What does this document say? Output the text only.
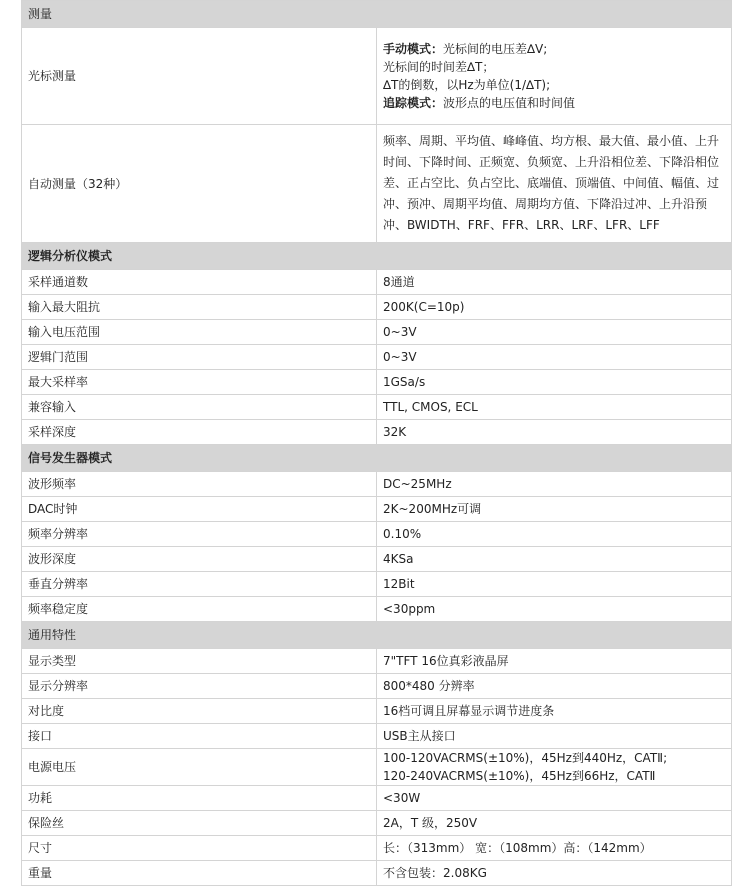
测量	
光标测量	手动模式：光标间的电压差∆V;
光标间的时间差∆T；
∆T的倒数，以Hz为单位(1/∆T);
追踪模式：波形点的电压值和时间值

自动测量（32种）	频率、周期、平均值、峰峰值、均方根、最大值、最小值、上升时间、下降时间、正频宽、负频宽、上升沿相位差、下降沿相位差、正占空比、负占空比、底端值、顶端值、中间值、幅值、过冲、预冲、周期平均值、周期均方值、下降沿过冲、上升沿预冲、BWIDTH、FRF、FFR、LRR、LRF、LFR、LFF

逻辑分析仪模式	
采样通道数	8通道

输入最大阻抗	200K(C=10p)

输入电压范围	0~3V

逻辑门范围	0~3V

最大采样率	1GSa/s

兼容输入	TTL, CMOS, ECL

采样深度	32K

信号发生器模式	
波形频率	DC~25MHz

DAC时钟	2K~200MHz可调

频率分辨率	0.10%

波形深度	4KSa

垂直分辨率	12Bit

频率稳定度	<30ppm

通用特性	
显示类型	7"TFT 16位真彩液晶屏

显示分辨率	800*480 分辨率

对比度	16档可调且屏幕显示调节进度条

接口	USB主从接口

电源电压	100-120VACRMS(±10%)，45Hz到440Hz，CATⅡ;
120-240VACRMS(±10%)，45Hz到66Hz，CATⅡ

功耗	<30W

保险丝	2A，T 级，250V

尺寸	长：（313mm） 宽：（108mm）高：（142mm）

重量	不含包装：2.08KG
